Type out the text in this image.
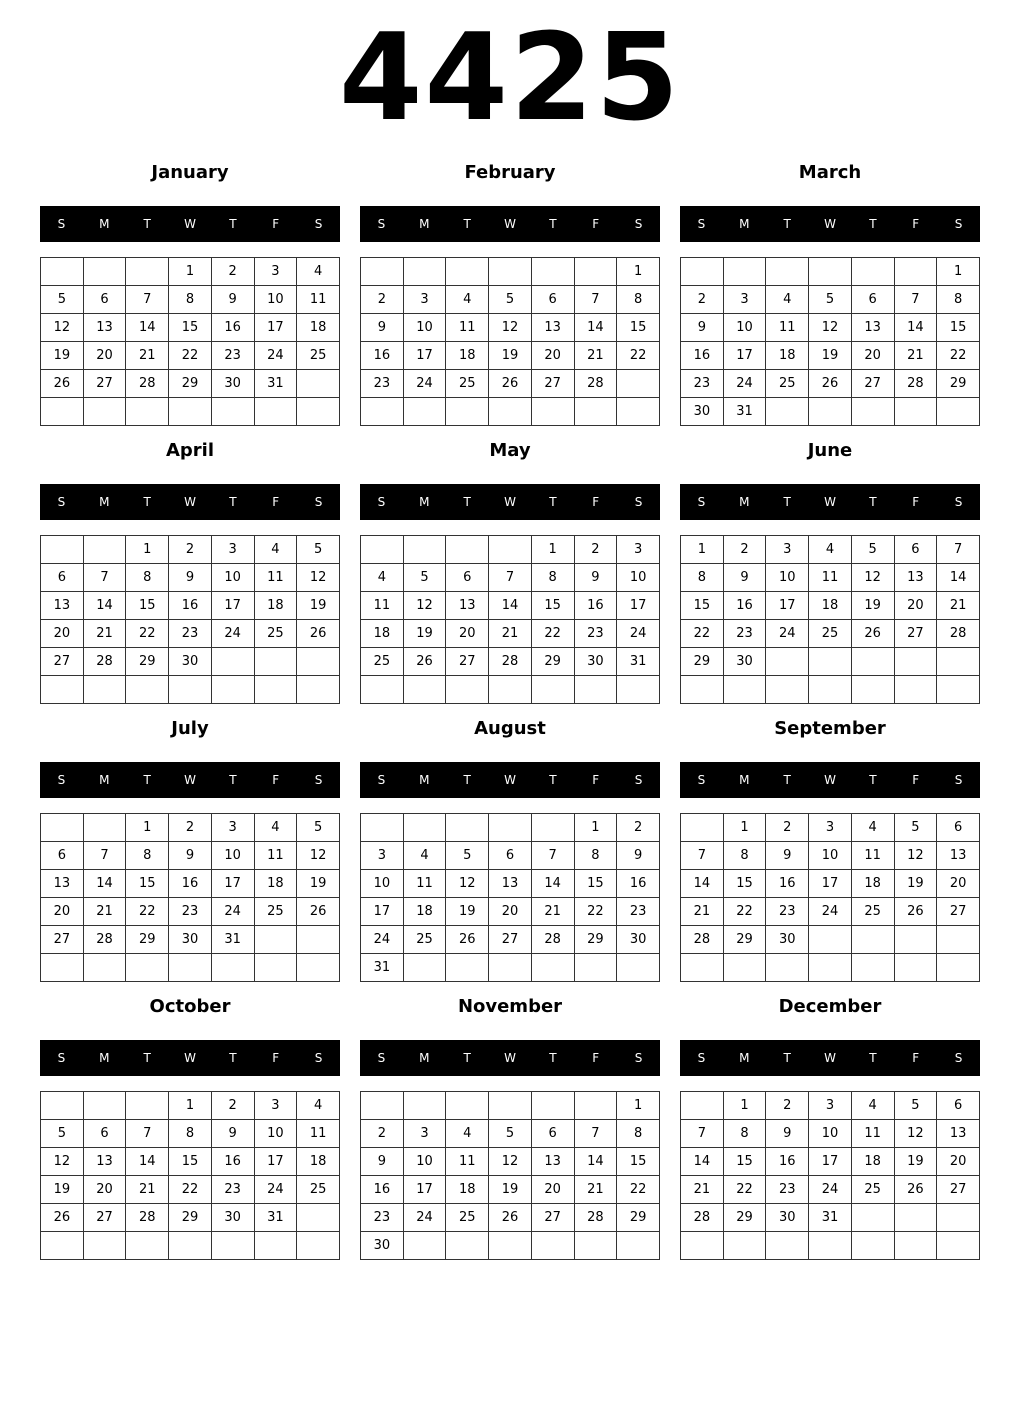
4425
January
S	M	T	W	T	F	S
			1	2	3	4
5	6	7	8	9	10	11
12	13	14	15	16	17	18
19	20	21	22	23	24	25
26	27	28	29	30	31	

February
S	M	T	W	T	F	S
						1
2	3	4	5	6	7	8
9	10	11	12	13	14	15
16	17	18	19	20	21	22
23	24	25	26	27	28	

March
S	M	T	W	T	F	S
						1
2	3	4	5	6	7	8
9	10	11	12	13	14	15
16	17	18	19	20	21	22
23	24	25	26	27	28	29
30	31					
April
S	M	T	W	T	F	S
		1	2	3	4	5
6	7	8	9	10	11	12
13	14	15	16	17	18	19
20	21	22	23	24	25	26
27	28	29	30			

May
S	M	T	W	T	F	S
				1	2	3
4	5	6	7	8	9	10
11	12	13	14	15	16	17
18	19	20	21	22	23	24
25	26	27	28	29	30	31

June
S	M	T	W	T	F	S
1	2	3	4	5	6	7
8	9	10	11	12	13	14
15	16	17	18	19	20	21
22	23	24	25	26	27	28
29	30					

July
S	M	T	W	T	F	S
		1	2	3	4	5
6	7	8	9	10	11	12
13	14	15	16	17	18	19
20	21	22	23	24	25	26
27	28	29	30	31		

August
S	M	T	W	T	F	S
					1	2
3	4	5	6	7	8	9
10	11	12	13	14	15	16
17	18	19	20	21	22	23
24	25	26	27	28	29	30
31						
September
S	M	T	W	T	F	S
	1	2	3	4	5	6
7	8	9	10	11	12	13
14	15	16	17	18	19	20
21	22	23	24	25	26	27
28	29	30				

October
S	M	T	W	T	F	S
			1	2	3	4
5	6	7	8	9	10	11
12	13	14	15	16	17	18
19	20	21	22	23	24	25
26	27	28	29	30	31	

November
S	M	T	W	T	F	S
						1
2	3	4	5	6	7	8
9	10	11	12	13	14	15
16	17	18	19	20	21	22
23	24	25	26	27	28	29
30						
December
S	M	T	W	T	F	S
	1	2	3	4	5	6
7	8	9	10	11	12	13
14	15	16	17	18	19	20
21	22	23	24	25	26	27
28	29	30	31			
